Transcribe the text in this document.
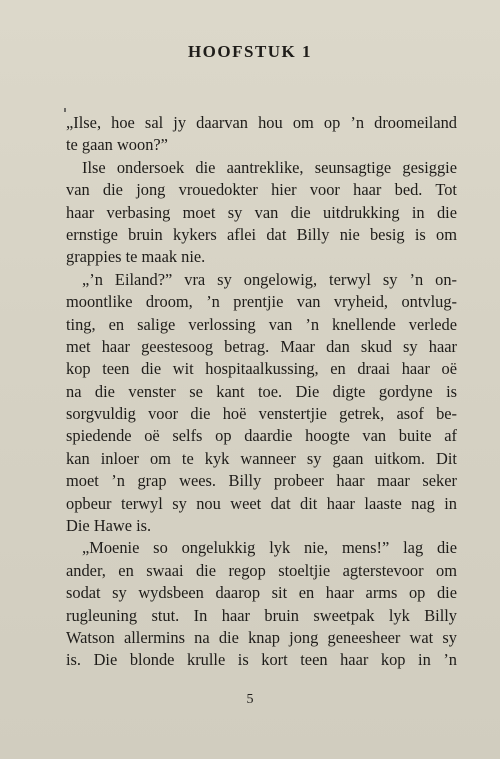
HOOFSTUK 1
„Ilse, hoe sal jy daarvan hou om op ’n droomeiland
te gaan woon?”
Ilse ondersoek die aantreklike, seunsagtige gesiggie
van die jong vrouedokter hier voor haar bed. Tot
haar verbasing moet sy van die uitdrukking in die
ernstige bruin kykers aflei dat Billy nie besig is om
grappies te maak nie.
„’n Eiland?” vra sy ongelowig, terwyl sy ’n on-
moontlike droom, ’n prentjie van vryheid, ontvlug-
ting, en salige verlossing van ’n knellende verlede
met haar geestesoog betrag. Maar dan skud sy haar
kop teen die wit hospitaalkussing, en draai haar oë
na die venster se kant toe. Die digte gordyne is
sorgvuldig voor die hoë venstertjie getrek, asof be-
spiedende oë selfs op daardie hoogte van buite af
kan inloer om te kyk wanneer sy gaan uitkom. Dit
moet ’n grap wees. Billy probeer haar maar seker
opbeur terwyl sy nou weet dat dit haar laaste nag in
Die Hawe is.
„Moenie so ongelukkig lyk nie, mens!” lag die
ander, en swaai die regop stoeltjie agterstevoor om
sodat sy wydsbeen daarop sit en haar arms op die
rugleuning stut. In haar bruin sweetpak lyk Billy
Watson allermins na die knap jong geneesheer wat sy
is. Die blonde krulle is kort teen haar kop in ’n
5
